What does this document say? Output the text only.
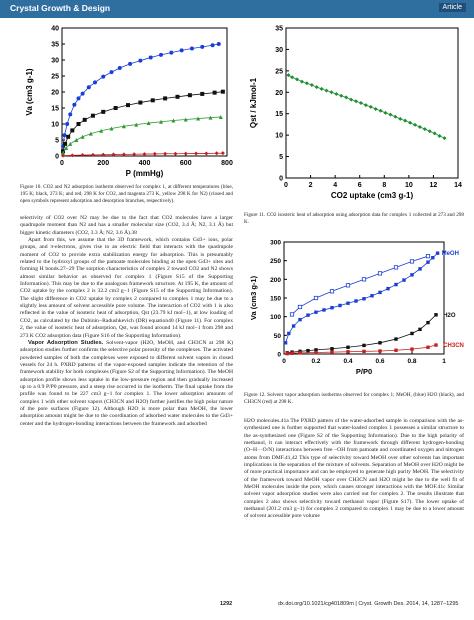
Crystal Growth & Design	Article
0	200	400	600	800
0
5
10
15
20
25
30
35
40
P (mmHg)
Va (cm3 g-1)
Figure 10. CO2 and N2 adsorption isotherm observed for complex 1, at different temperatures (blue, 195 K; black, 273 K; and red, 298 K for CO2, and magenta 273 K, yellow 298 K for N2) (closed and open symbols represent adsorption and desorption branches, respectively).
0	2	4	6	8	10 12 14
0
5
10
15
20
25
30
35
CO2 uptake (cm3 g-1)
Qst / kJmol-1
Figure 11. CO2 isosteric heat of adsorption using adsorption data for complex 1 collected at 273 and 298 K.
0	0.2	0.4	0.6	0.8	1
0
50
100
150
200
250
300
P/P0
Va (cm3 g-1)
MeOH
H2O
CH3CN
Figure 12. Solvent vapor adsorption isotherms observed for complex 1; MeOH, (blue) H2O (black), and CH3CN (red) at 298 K.

selectivity of CO2 over N2 may be due to the fact that CO2 molecules have a larger quadrupole moment than N2 and has a smaller molecular size (CO2, 3.4 Å; N2, 3.1 Å) but bigger kinetic diameters (CO2, 3.3 Å; N2, 3.6 Å).38

Apart from this, we assume that the 3D framework, which contains Gd3+ ions, polar groups, and π-electrons, gives rise to an electric field that interacts with the quadrupole moment of CO2 to provide extra stabilization energy for adsorption. This is presumably related to the hydroxyl groups of the pamoate molecules binding at the open Gd3+ sites and forming H bonds.27−29 The sorption characteristics of complex 2 toward CO2 and N2 shows almost similar behavior as observed for complex 1 (Figure S15 of the Supporting Information). This may be due to the analogous framework structure. At 195 K, the amount of CO2 uptake by the complex 2 is 32.2 cm3 g−1 (Figure S15 of the Supporting Information). The slight difference in CO2 uptake by complex 2 compared to complex 1 may be due to a slightly less amount of solvent accessible pore volume. The interaction of CO2 with 1 is also reflected in the value of isosteric heat of adsorption, Qst (23.79 kJ mol−1), at low loading of CO2, as calculated by the Dubinin−Radushkevich (DR) equation40 (Figure 11). For complex 2, the value of isosteric heat of adsorption, Qst, was found around 14 kJ mol−1 from 298 and 273 K CO2 adsorption data (Figure S16 of the Supporting Information).

Vapor Adsorption Studies. Solvent-vapor (H2O, MeOH, and CH3CN at 298 K) adsorption studies further confirms the selective polar porosity of the complexes. The activated powdered samples of both the complexes were exposed to different solvent vapors in closed vessels for 24 h. PXRD patterns of the vapor-exposed samples indicate the retention of the framework stability for both complexes (Figure S2 of the Supporting Information). The MeOH adsorption profile shows less uptake in the low-pressure region and then gradually increased up to a 0.9 P/P0 pressure, and a steep rise occurred in the isotherm. The final uptake from the profile was found to be 227 cm3 g−1 for complex 1. The lower adsorption amounts of complex 1 with other solvent vapors (CH3CN and H2O) further justifies the high polar nature of the pore surfaces (Figure 12). Although H2O is more polar than MeOH, the lower adsorption amount might be due to the coordination of adsorbed water molecules to the Gd3+ center and the hydrogen-bonding interactions between the framework and adsorbed	H2O molecules.41a The PXRD pattern of the water-adsorbed sample in comparison with the as-synthesized one is further supported that water-loaded complex 1 possesses a similar structure to the as-synthesized one (Figure S2 of the Supporting Information). Due to the high polarity of methanol, it can interact effectively with the framework through different hydrogen-bonding (O−H···O/N) interactions between free −OH from pamoate and coordinated oxygen and nitrogen atoms from DMF.41,42 This type of selectivity toward MeOH over other solvents has important implications in the separation of the mixture of solvents. Separation of MeOH over H2O might be of more practical importance and can be employed to generate high purity MeOH. The selectivity of the framework toward MeOH vapor over CH3CN and H2O might be due to the well fit of MeOH molecules inside the pore, which causes stronger interactions with the MOF.41c Similar solvent vapor adsorption studies were also carried out for complex 2. The results illustrate that complex 2 also shows selectivity toward methanol vapor (Figure S17). The lower uptake of methanol (201.2 cm3 g−1) for complex 2 compared to complex 1 may be due to a lower amount of solvent accessible pore volume

1292	dx.doi.org/10.1021/cg401809m | Cryst. Growth Des. 2014, 14, 1287−1295
